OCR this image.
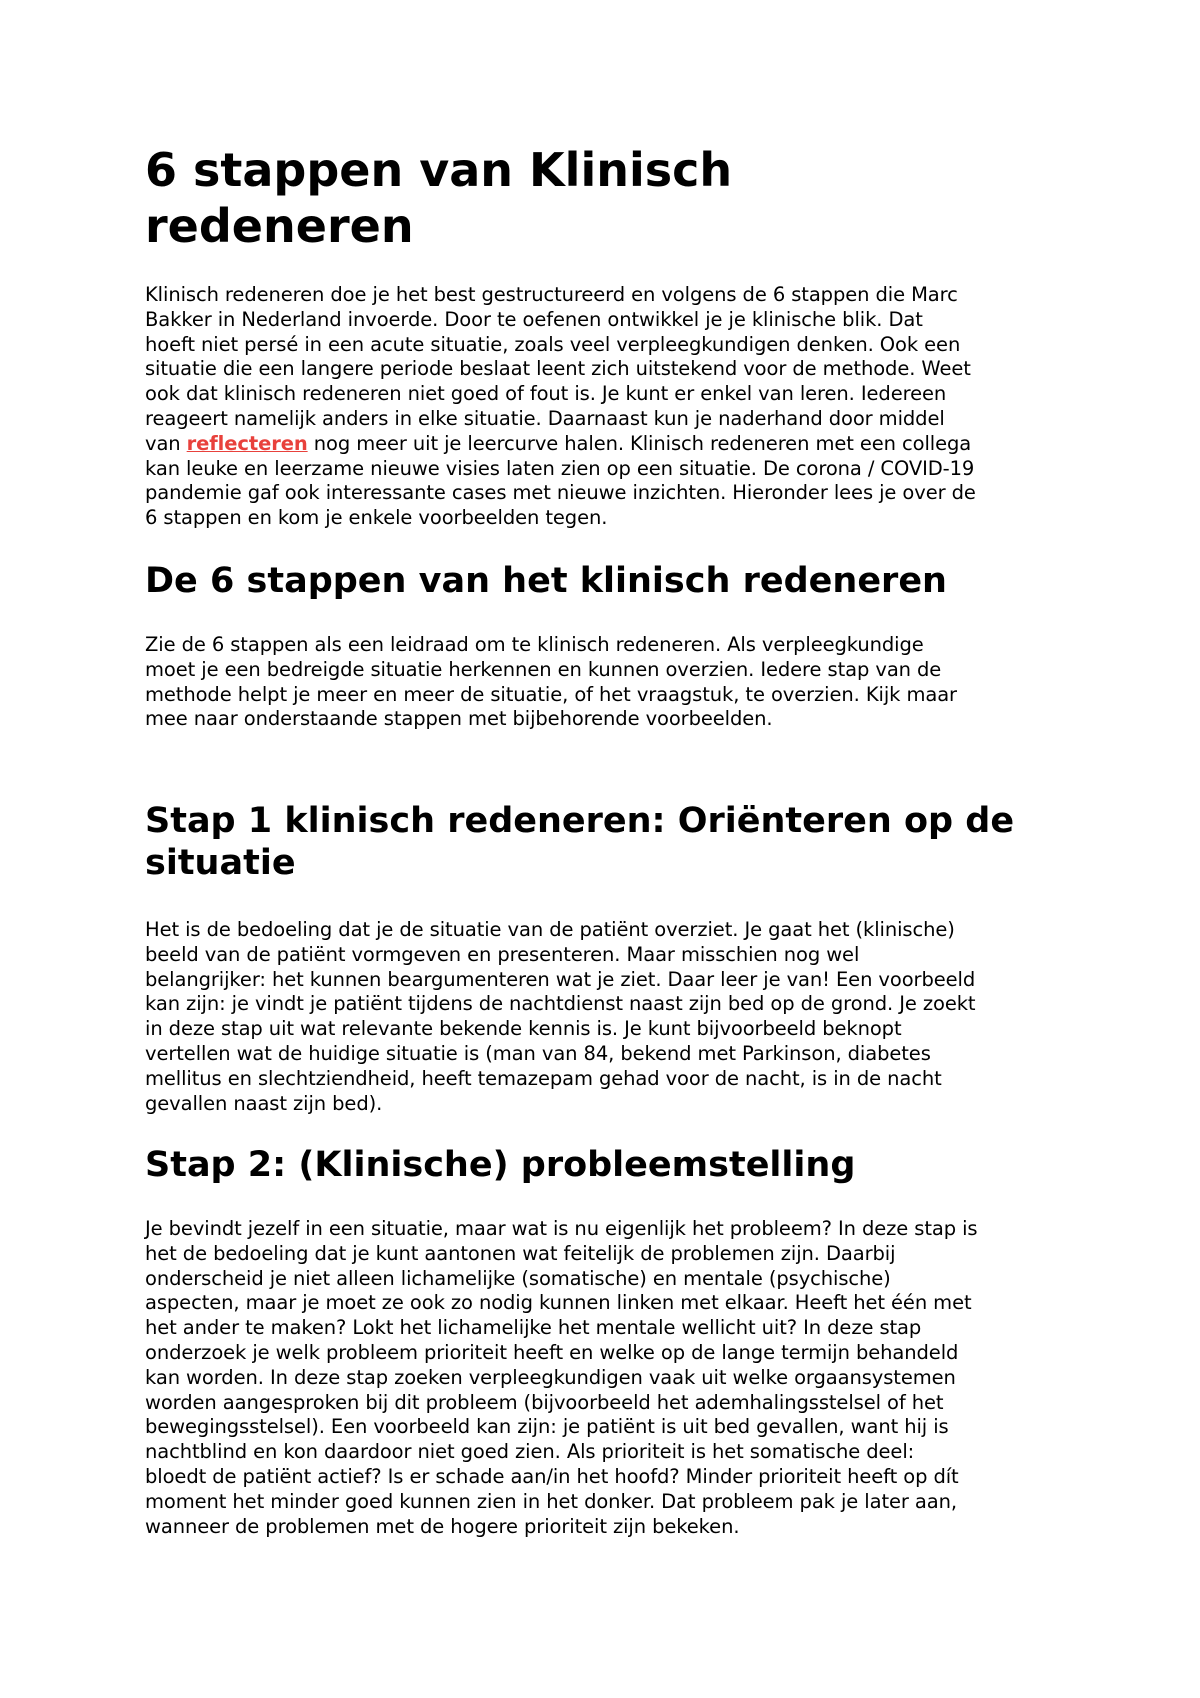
6 stappen van Klinisch
redeneren
Klinisch redeneren doe je het best gestructureerd en volgens de 6 stappen die Marc
Bakker in Nederland invoerde. Door te oefenen ontwikkel je je klinische blik. Dat
hoeft niet persé in een acute situatie, zoals veel verpleegkundigen denken. Ook een
situatie die een langere periode beslaat leent zich uitstekend voor de methode. Weet
ook dat klinisch redeneren niet goed of fout is. Je kunt er enkel van leren. Iedereen
reageert namelijk anders in elke situatie. Daarnaast kun je naderhand door middel
van reflecteren nog meer uit je leercurve halen. Klinisch redeneren met een collega
kan leuke en leerzame nieuwe visies laten zien op een situatie. De corona / COVID-19
pandemie gaf ook interessante cases met nieuwe inzichten. Hieronder lees je over de
6 stappen en kom je enkele voorbeelden tegen.
De 6 stappen van het klinisch redeneren
Zie de 6 stappen als een leidraad om te klinisch redeneren. Als verpleegkundige
moet je een bedreigde situatie herkennen en kunnen overzien. Iedere stap van de
methode helpt je meer en meer de situatie, of het vraagstuk, te overzien. Kijk maar
mee naar onderstaande stappen met bijbehorende voorbeelden.
Stap 1 klinisch redeneren: Oriënteren op de
situatie
Het is de bedoeling dat je de situatie van de patiënt overziet. Je gaat het (klinische)
beeld van de patiënt vormgeven en presenteren. Maar misschien nog wel
belangrijker: het kunnen beargumenteren wat je ziet. Daar leer je van! Een voorbeeld
kan zijn: je vindt je patiënt tijdens de nachtdienst naast zijn bed op de grond. Je zoekt
in deze stap uit wat relevante bekende kennis is. Je kunt bijvoorbeeld beknopt
vertellen wat de huidige situatie is (man van 84, bekend met Parkinson, diabetes
mellitus en slechtziendheid, heeft temazepam gehad voor de nacht, is in de nacht
gevallen naast zijn bed).
Stap 2: (Klinische) probleemstelling
Je bevindt jezelf in een situatie, maar wat is nu eigenlijk het probleem? In deze stap is
het de bedoeling dat je kunt aantonen wat feitelijk de problemen zijn. Daarbij
onderscheid je niet alleen lichamelijke (somatische) en mentale (psychische)
aspecten, maar je moet ze ook zo nodig kunnen linken met elkaar. Heeft het één met
het ander te maken? Lokt het lichamelijke het mentale wellicht uit? In deze stap
onderzoek je welk probleem prioriteit heeft en welke op de lange termijn behandeld
kan worden. In deze stap zoeken verpleegkundigen vaak uit welke orgaansystemen
worden aangesproken bij dit probleem (bijvoorbeeld het ademhalingsstelsel of het
bewegingsstelsel). Een voorbeeld kan zijn: je patiënt is uit bed gevallen, want hij is
nachtblind en kon daardoor niet goed zien. Als prioriteit is het somatische deel:
bloedt de patiënt actief? Is er schade aan/in het hoofd? Minder prioriteit heeft op dít
moment het minder goed kunnen zien in het donker. Dat probleem pak je later aan,
wanneer de problemen met de hogere prioriteit zijn bekeken.
